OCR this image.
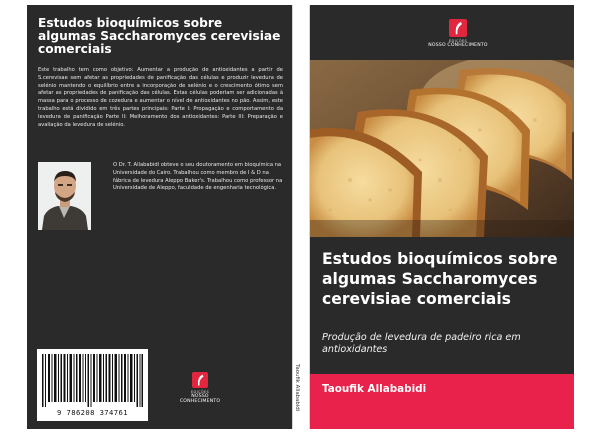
Estudos bioquímicos sobre algumas Saccharomyces cerevisiae comerciais
Este trabalho tem como objetivo: Aumentar a produção de antioxidantes a partir de S.cerevisae sem afetar as propriedades de panificação das células e produzir levedura de selénio mantendo o equilíbrio entre a incorporação de selénio e o crescimento ótimo sem afetar as propriedades de panificação das células. Estas células poderiam ser adicionadas à massa para o processo de cozedura e aumentar o nível de antioxidantes no pão. Assim, este trabalho está dividido em três partes principais: Parte I: Propagação e comportamento da levedura de panificação Parte II: Melhoramento dos antioxidantes: Parte III: Preparação e avaliação da levedura de selénio.
O Dr. T. Allababidi obteve o seu doutoramento em bioquímica na Universidade do Cairo. Trabalhou como membro de I & D na fábrica de levedura Aleppo Baker's. Trabalhou como professor na Universidade de Aleppo, faculdade de engenharia tecnológica.
9 786208 374761
EDIÇÕES
NOSSO CONHECIMENTO	Taoufik Allababidi
EDIÇÕES
NOSSO CONHECIMENTO
Estudos bioquímicos sobre algumas Saccharomyces cerevisiae comerciais
Produção de levedura de padeiro rica em antioxidantes
Taoufik Allababidi
